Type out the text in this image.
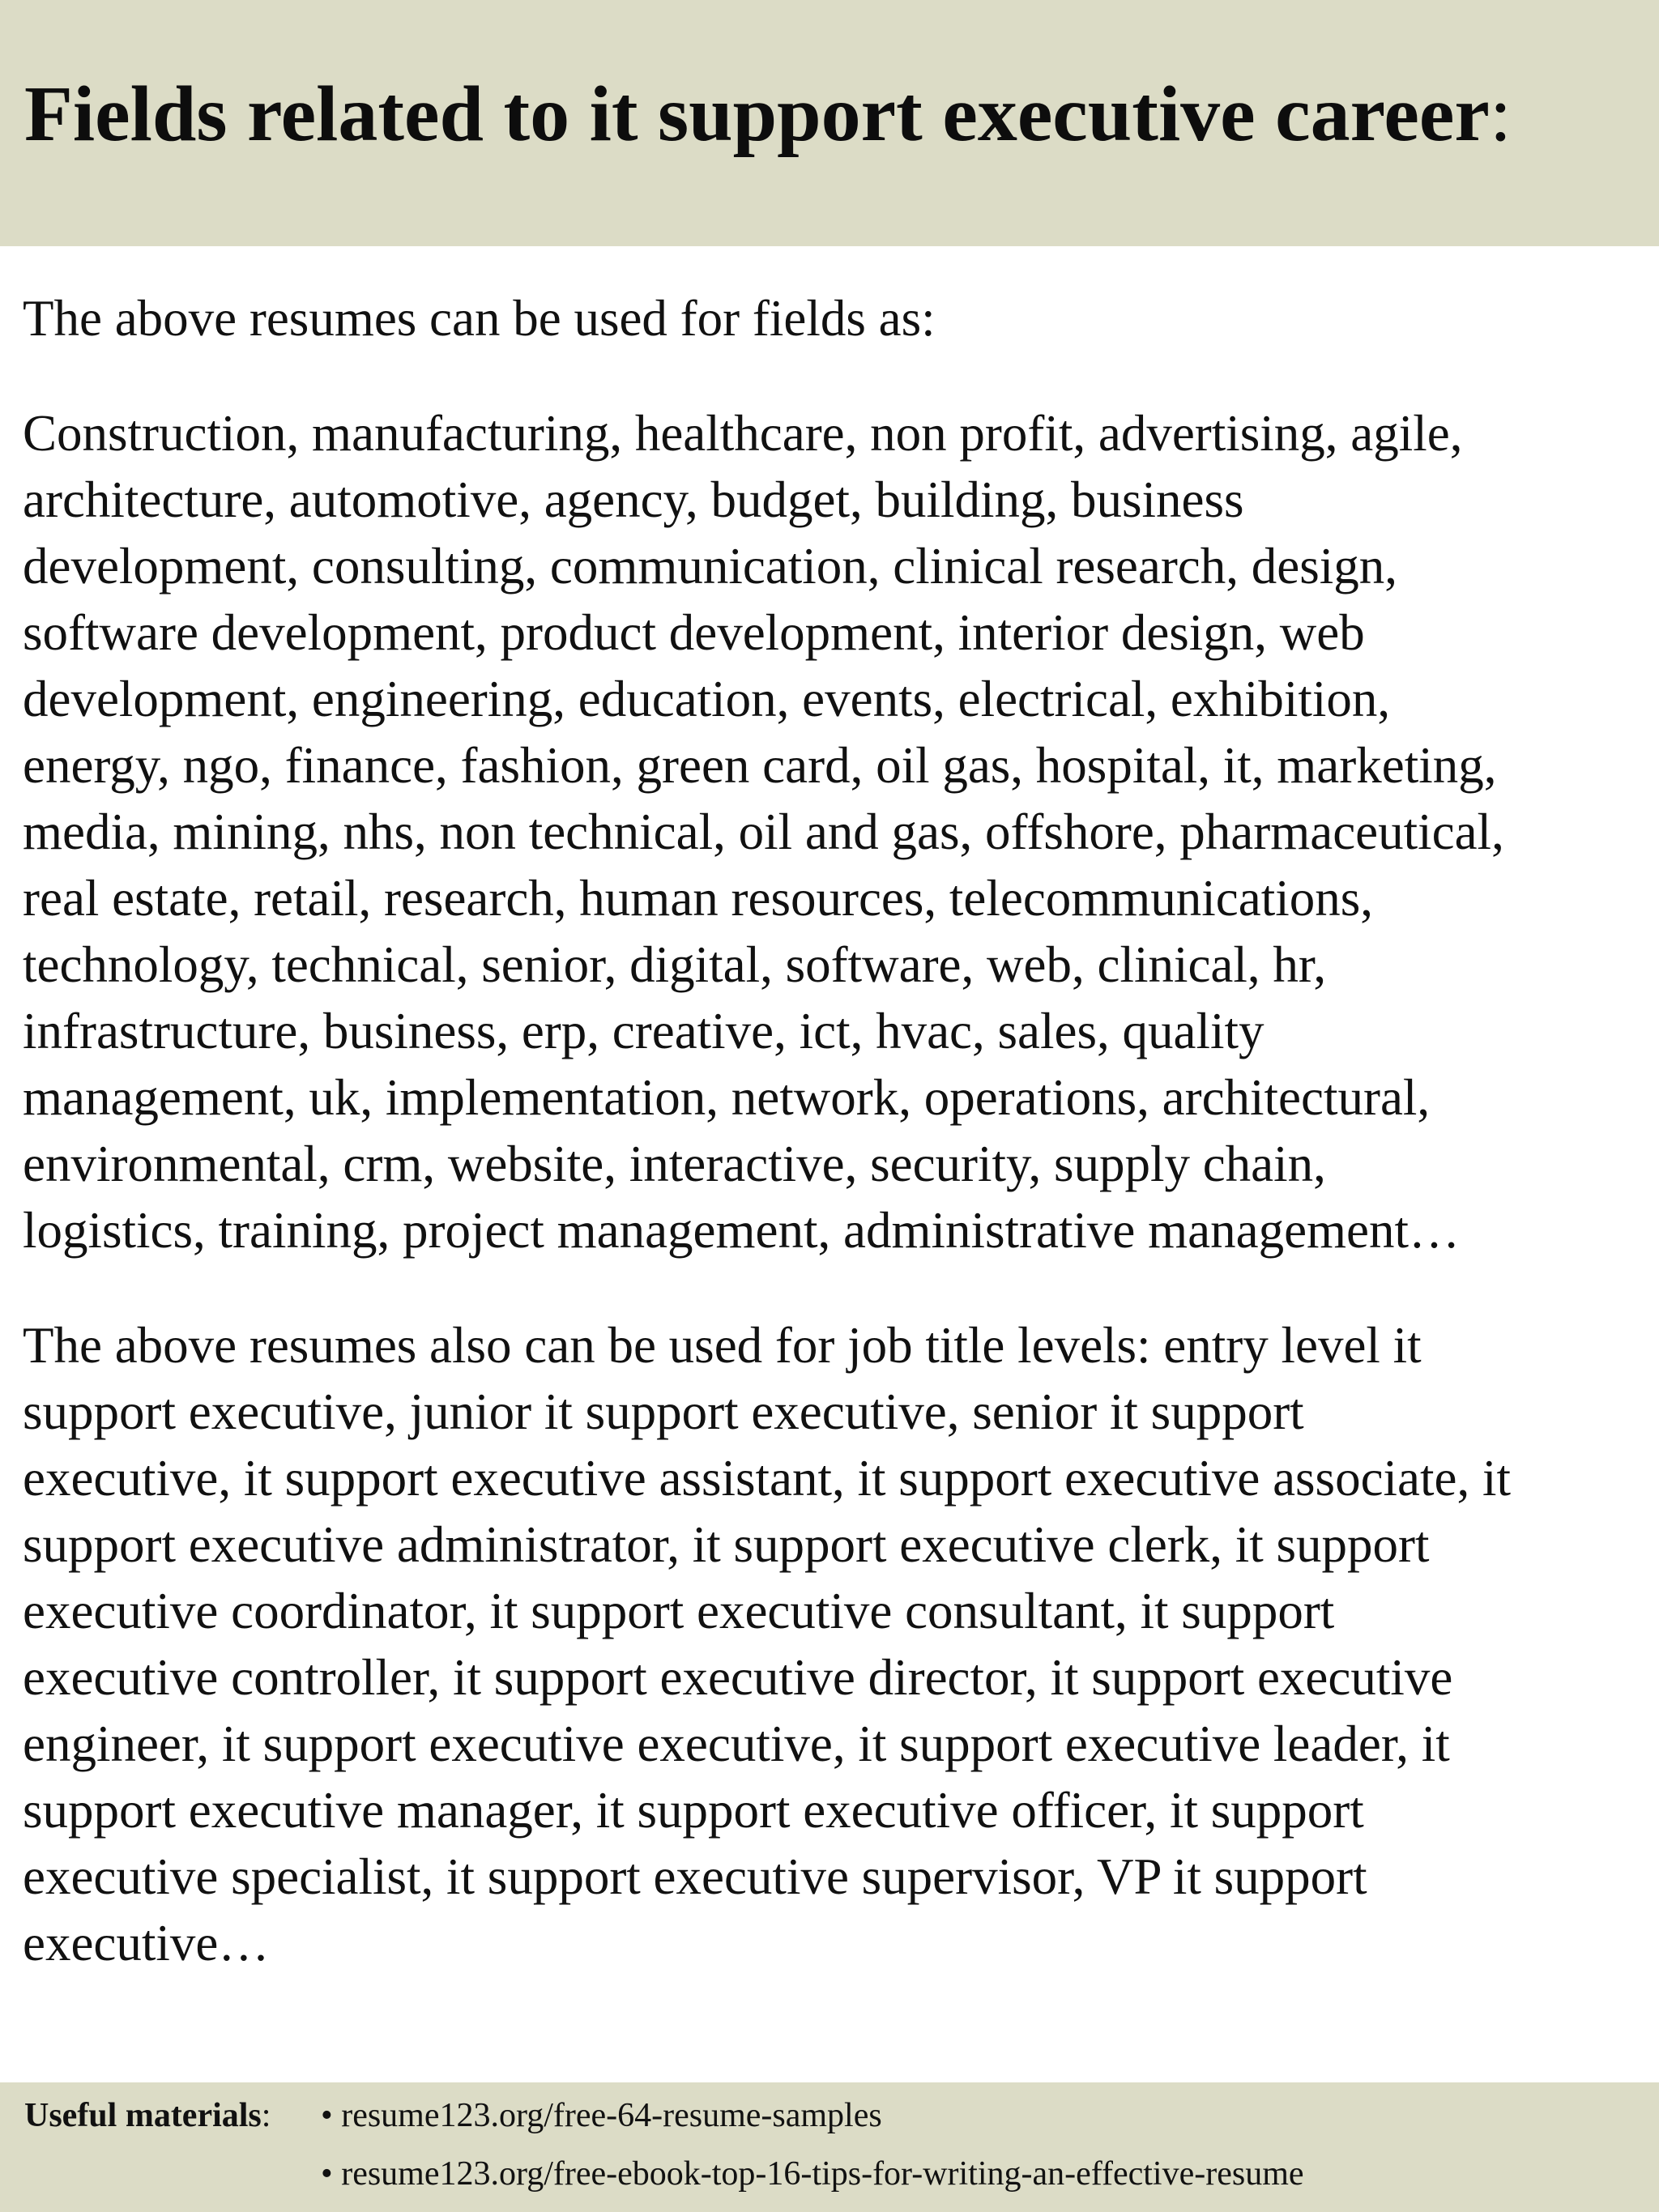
Fields related to it support executive career:

The above resumes can be used for fields as:

Construction, manufacturing, healthcare, non profit, advertising, agile,
architecture, automotive, agency, budget, building, business
development, consulting, communication, clinical research, design,
software development, product development, interior design, web
development, engineering, education, events, electrical, exhibition,
energy, ngo, finance, fashion, green card, oil gas, hospital, it, marketing,
media, mining, nhs, non technical, oil and gas, offshore, pharmaceutical,
real estate, retail, research, human resources, telecommunications,
technology, technical, senior, digital, software, web, clinical, hr,
infrastructure, business, erp, creative, ict, hvac, sales, quality
management, uk, implementation, network, operations, architectural,
environmental, crm, website, interactive, security, supply chain,
logistics, training, project management, administrative management…

The above resumes also can be used for job title levels: entry level it
support executive, junior it support executive, senior it support
executive, it support executive assistant, it support executive associate, it
support executive administrator, it support executive clerk, it support
executive coordinator, it support executive consultant, it support
executive controller, it support executive director, it support executive
engineer, it support executive executive, it support executive leader, it
support executive manager, it support executive officer, it support
executive specialist, it support executive supervisor, VP it support
executive…

Useful materials: • resume123.org/free-64-resume-samples
• resume123.org/free-ebook-top-16-tips-for-writing-an-effective-resume
